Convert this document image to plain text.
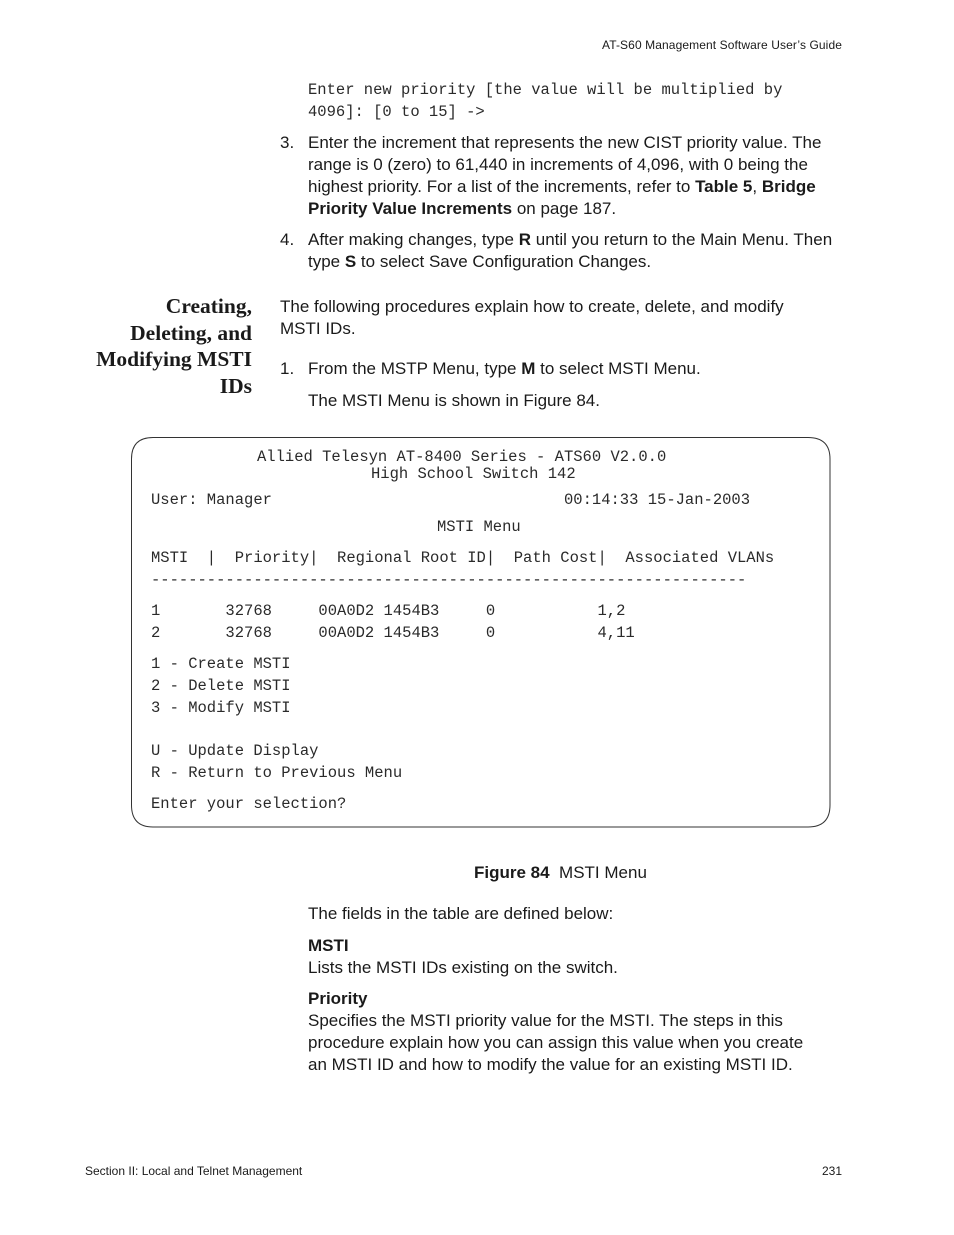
AT-S60 Management Software User’s Guide
Enter new priority [the value will be multiplied by
4096]: [0 to 15] ->
3. Enter the increment that represents the new CIST priority value. The range is 0 (zero) to 61,440 in increments of 4,096, with 0 being the highest priority. For a list of the increments, refer to Table 5, Bridge Priority Value Increments on page 187.
4. After making changes, type R until you return to the Main Menu. Then type S to select Save Configuration Changes.
Creating,
Deleting, and
Modifying MSTI
IDs
The following procedures explain how to create, delete, and modify MSTI IDs.
1. From the MSTP Menu, type M to select MSTI Menu.
The MSTI Menu is shown in Figure 84.
Allied Telesyn AT-8400 Series - ATS60 V2.0.0
High School Switch 142
User: Manager	00:14:33 15-Jan-2003
MSTI Menu
MSTI  |  Priority|  Regional Root ID|  Path Cost|  Associated VLANs
----------------------------------------------------------------
1       32768     00A0D2 1454B3     0           1,2
2       32768     00A0D2 1454B3     0           4,11
1 - Create MSTI
2 - Delete MSTI
3 - Modify MSTI
U - Update Display
R - Return to Previous Menu
Enter your selection?
Figure 84 MSTI Menu
The fields in the table are defined below:
MSTI
Lists the MSTI IDs existing on the switch.
Priority
Specifies the MSTI priority value for the MSTI. The steps in this procedure explain how you can assign this value when you create an MSTI ID and how to modify the value for an existing MSTI ID.
Section II: Local and Telnet Management	231
